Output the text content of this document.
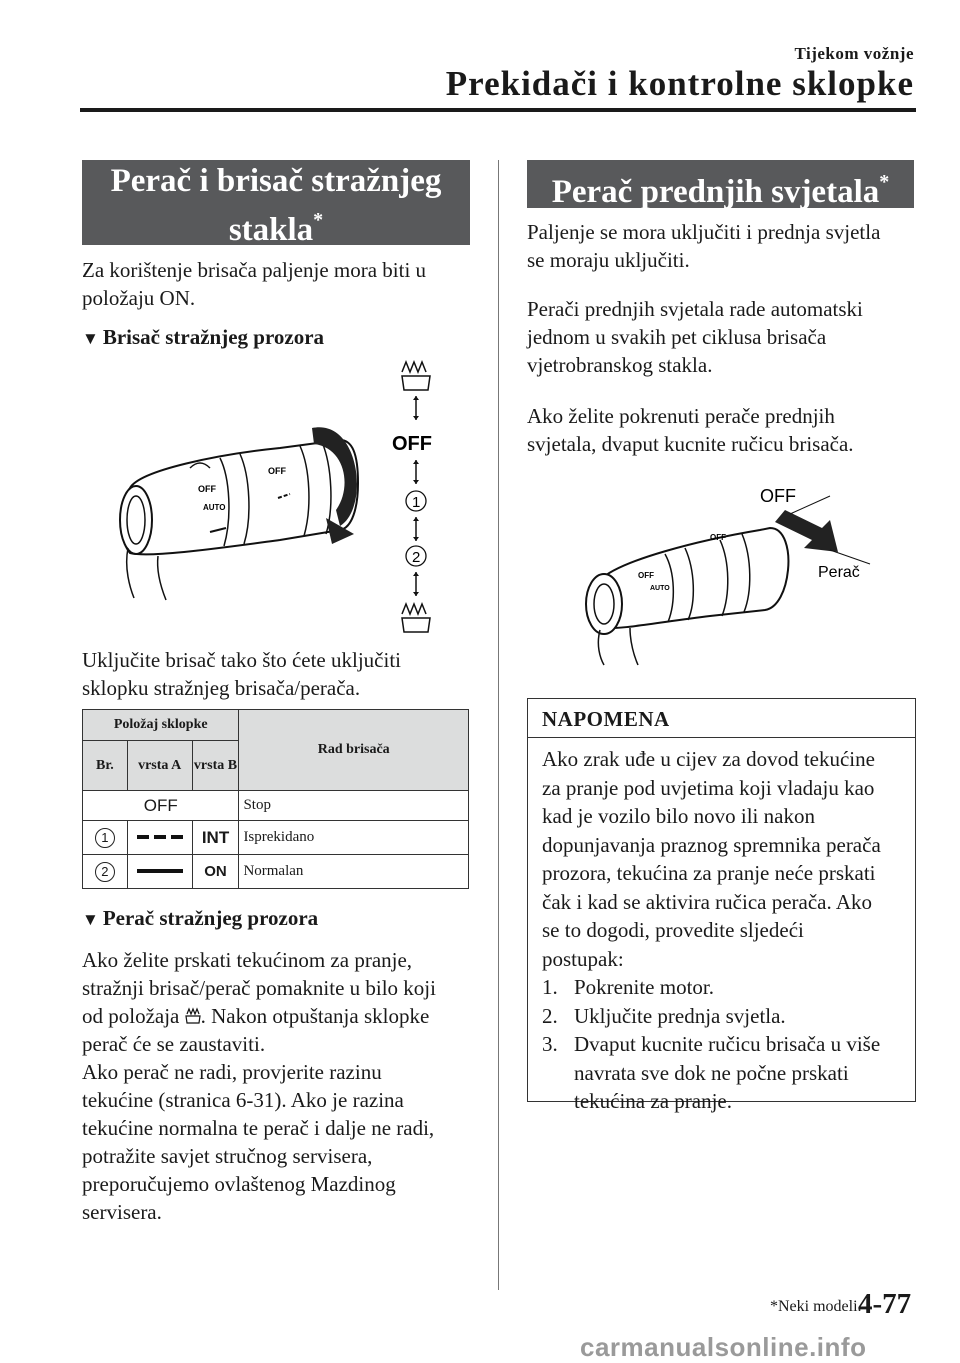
Tijekom vožnje
Prekidači i kontrolne sklopke
Perač i brisač stražnjeg
stakla*

Za korištenje brisača paljenje mora biti u

položaju ON.

▼ Brisač stražnjeg prozora
OFF
AUTO
OFF
OFF
1
2

Uključite brisač tako što ćete uključiti

sklopku stražnjeg brisača/perača.

Položaj sklopke			Rad brisača
Br.	vrsta A	vrsta B	
OFF			Stop
1		INT	Isprekidano
2		ON	Normalan
▼ Perač stražnjeg prozora

Ako želite prskati tekućinom za pranje,

stražnji brisač/perač pomaknite u bilo koji

od položaja . Nakon otpuštanja sklopke

perač će se zaustaviti.

Ako perač ne radi, provjerite razinu

tekućine (stranica 6-31). Ako je razina

tekućine normalna te perač i dalje ne radi,

potražite savjet stručnog servisera,

preporučujemo ovlaštenog Mazdinog

servisera.

Perač prednjih svjetala*

Paljenje se mora uključiti i prednja svjetla

se moraju uključiti.

Perači prednjih svjetala rade automatski

jednom u svakih pet ciklusa brisača

vjetrobranskog stakla.

Ako želite pokrenuti perače prednjih

svjetala, dvaput kucnite ručicu brisača.

OFF
AUTO
OFF
OFF
Perač
NAPOMENA

Ako zrak uđe u cijev za dovod tekućine

za pranje pod uvjetima koji vladaju kao

kad je vozilo bilo novo ili nakon

dopunjavanja praznog spremnika perača

prozora, tekućina za pranje neće prskati

čak i kad se aktivira ručica perača. Ako

se to dogodi, provedite sljedeći

postupak:

1. Pokrenite motor.
2. Uključite prednja svjetla.
3. Dvaput kucnite ručicu brisača u više navrata sve dok ne počne prskati tekućina za pranje.
*Neki modeli.
4-77
carmanualsonline.info
